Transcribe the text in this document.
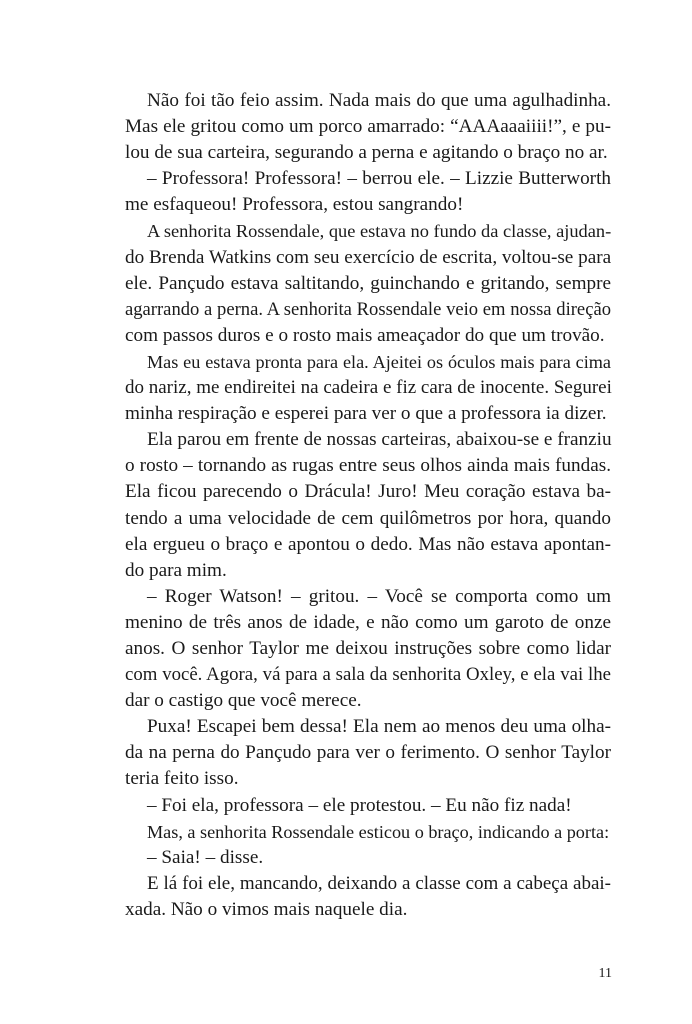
Não foi tão feio assim. Nada mais do que uma agulhadinha.
Mas ele gritou como um porco amarrado: “AAAaaaiiii!”, e pu-
lou de sua carteira, segurando a perna e agitando o braço no ar.
– Professora! Professora! – berrou ele. – Lizzie Butterworth
me esfaqueou! Professora, estou sangrando!
A senhorita Rossendale, que estava no fundo da classe, ajudan-
do Brenda Watkins com seu exercício de escrita, voltou-se para
ele. Pançudo estava saltitando, guinchando e gritando, sempre
agarrando a perna. A senhorita Rossendale veio em nossa direção
com passos duros e o rosto mais ameaçador do que um trovão.
Mas eu estava pronta para ela. Ajeitei os óculos mais para cima
do nariz, me endireitei na cadeira e fiz cara de inocente. Segurei
minha respiração e esperei para ver o que a professora ia dizer.
Ela parou em frente de nossas carteiras, abaixou-se e franziu
o rosto – tornando as rugas entre seus olhos ainda mais fundas.
Ela ficou parecendo o Drácula! Juro! Meu coração estava ba-
tendo a uma velocidade de cem quilômetros por hora, quando
ela ergueu o braço e apontou o dedo. Mas não estava apontan-
do para mim.
– Roger Watson! – gritou. – Você se comporta como um
menino de três anos de idade, e não como um garoto de onze
anos. O senhor Taylor me deixou instruções sobre como lidar
com você. Agora, vá para a sala da senhorita Oxley, e ela vai lhe
dar o castigo que você merece.
Puxa! Escapei bem dessa! Ela nem ao menos deu uma olha-
da na perna do Pançudo para ver o ferimento. O senhor Taylor
teria feito isso.
– Foi ela, professora – ele protestou. – Eu não fiz nada!
Mas, a senhorita Rossendale esticou o braço, indicando a porta:
– Saia! – disse.
E lá foi ele, mancando, deixando a classe com a cabeça abai-
xada. Não o vimos mais naquele dia.
11
